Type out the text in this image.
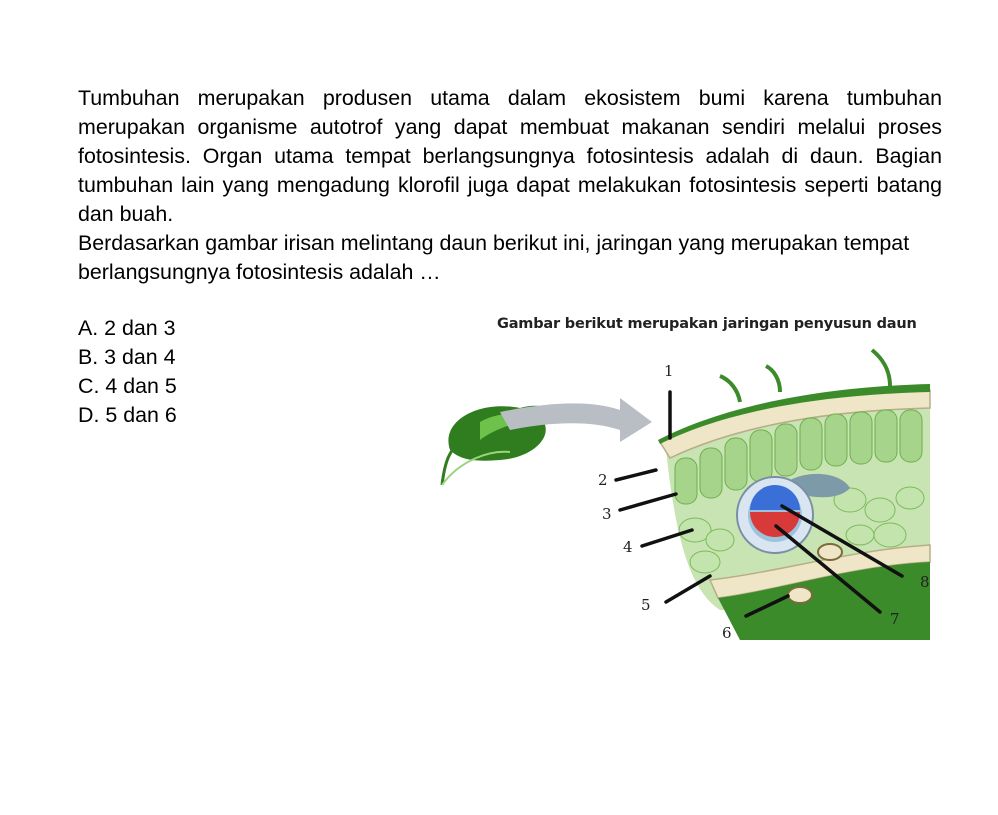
Tumbuhan merupakan produsen utama dalam ekosistem bumi karena tumbuhan merupakan organisme autotrof yang dapat membuat makanan sendiri melalui proses fotosintesis. Organ utama tempat berlangsungnya fotosintesis adalah di daun. Bagian tumbuhan lain yang mengadung klorofil juga dapat melakukan fotosintesis seperti batang dan buah.

Berdasarkan gambar irisan melintang daun berikut ini, jaringan yang merupakan tempat berlangsungnya fotosintesis adalah …

A. 2 dan 3
B. 3 dan 4
C. 4 dan 5
D. 5 dan 6
Gambar berikut merupakan jaringan penyusun daun
1
2
3
4
5
6
7
8
